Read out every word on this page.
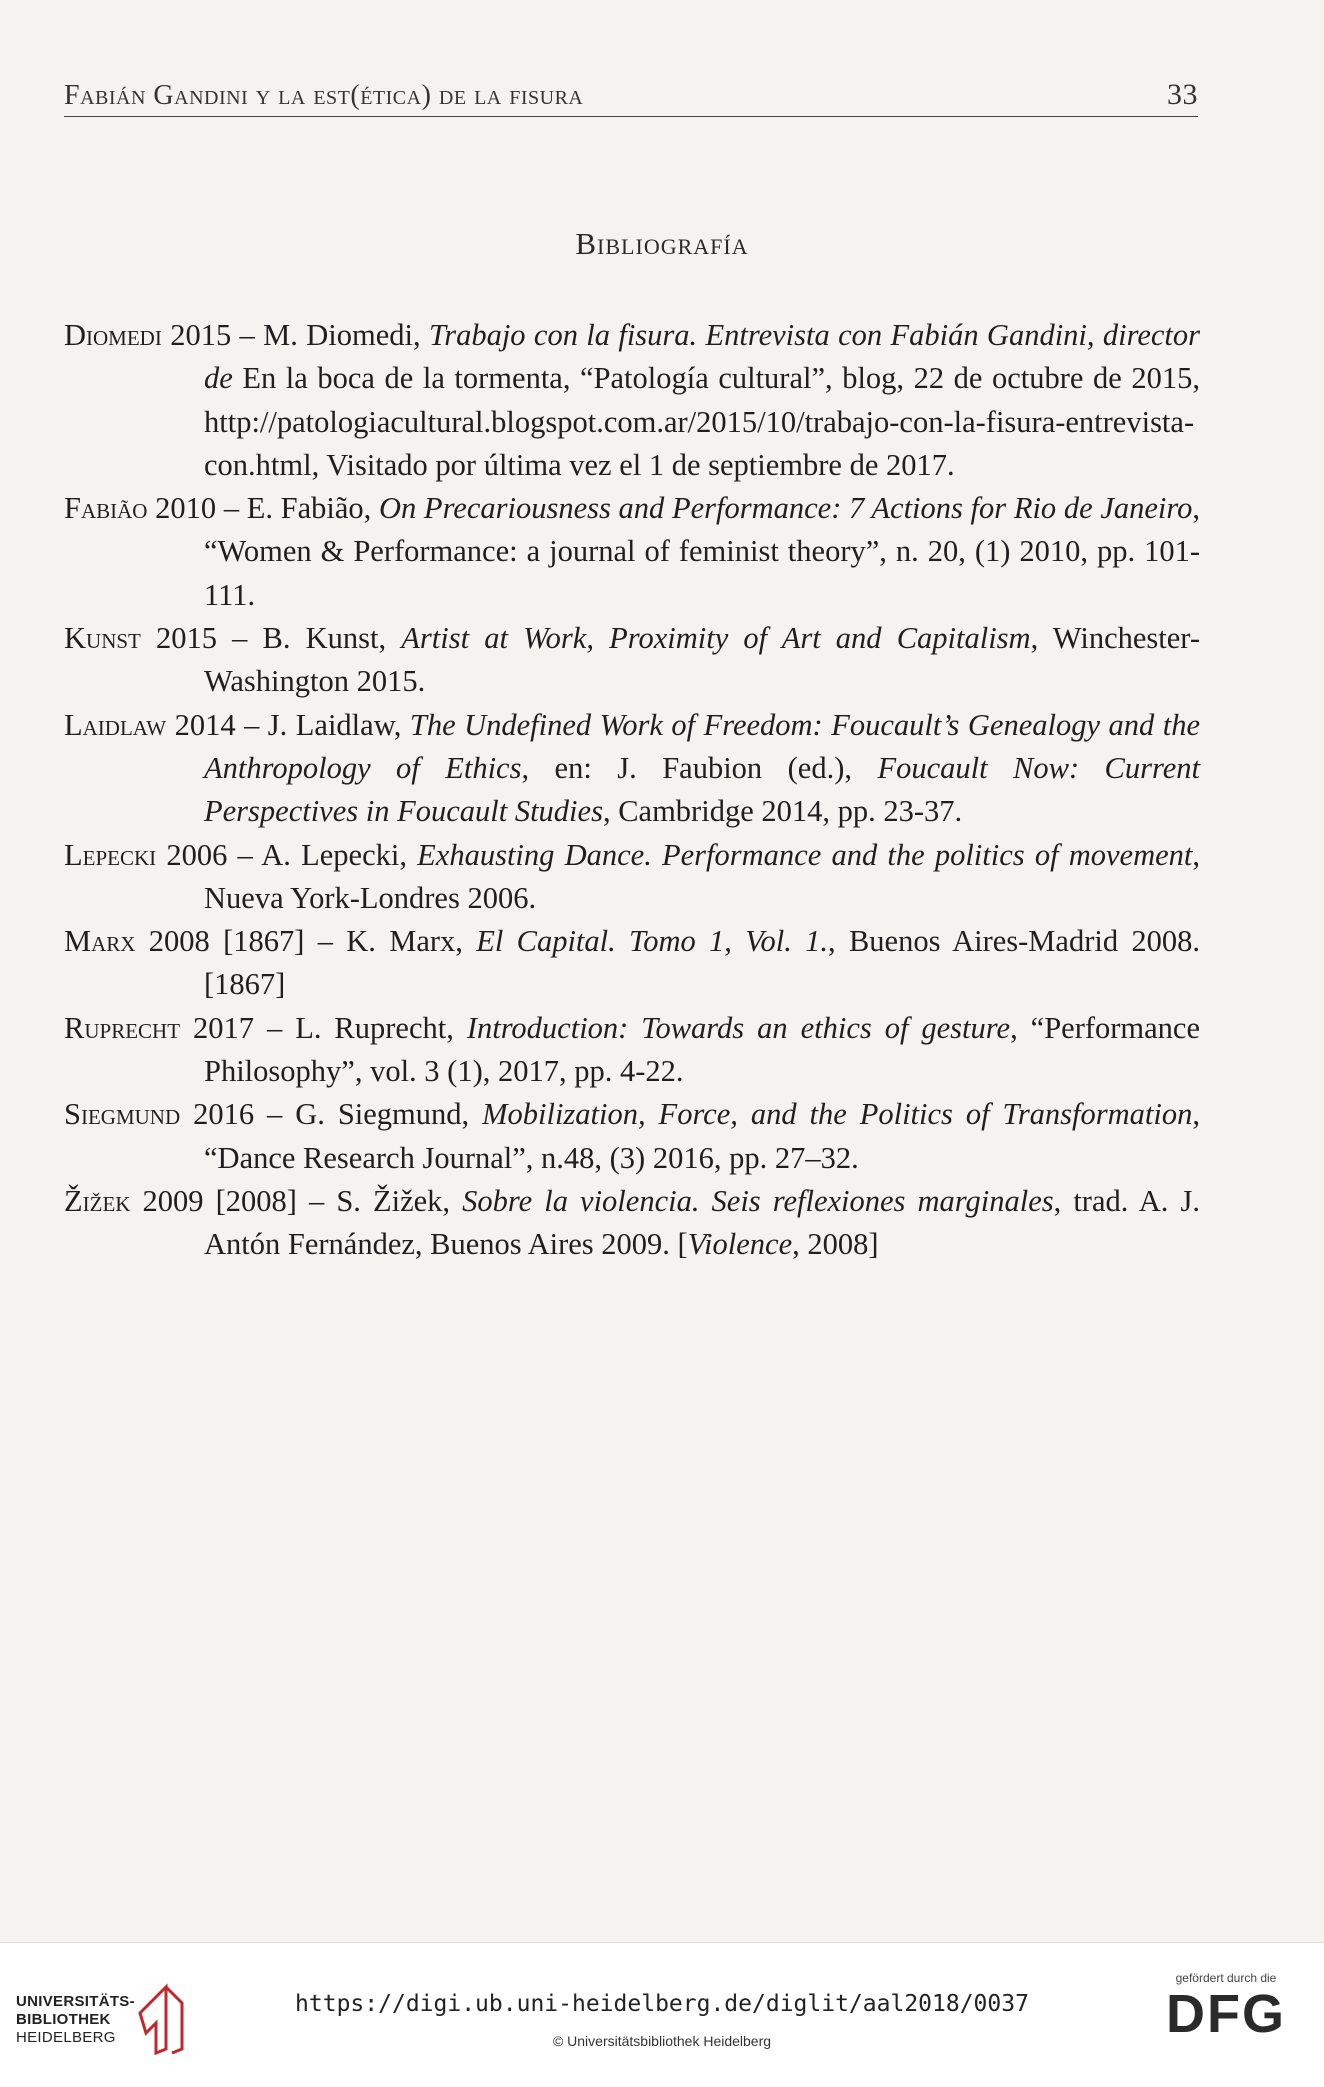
Fabián Gandini y la est(ética) de la fisura	33
Bibliografía
Diomedi 2015 – M. Diomedi, Trabajo con la fisura. Entrevista con Fabián Gandini, director de En la boca de la tormenta, “Patología cultural”, blog, 22 de octubre de 2015, http://patologiacultural.blogspot.com.ar/2015/10/trabajo-con-la-fisura-entrevista-con.html, Visitado por última vez el 1 de septiembre de 2017.
Fabião 2010 – E. Fabião, On Precariousness and Performance: 7 Actions for Rio de Janeiro, “Women & Performance: a journal of feminist theory”, n. 20, (1) 2010, pp. 101-111.
Kunst 2015 – B. Kunst, Artist at Work, Proximity of Art and Capitalism, Winchester-Washington 2015.
Laidlaw 2014 – J. Laidlaw, The Undefined Work of Freedom: Foucault’s Genealogy and the Anthropology of Ethics, en: J. Faubion (ed.), Foucault Now: Current Perspectives in Foucault Studies, Cambridge 2014, pp. 23-37.
Lepecki 2006 – A. Lepecki, Exhausting Dance. Performance and the politics of movement, Nueva York-Londres 2006.
Marx 2008 [1867] – K. Marx, El Capital. Tomo 1, Vol. 1., Buenos Aires-Madrid 2008. [1867]
Ruprecht 2017 – L. Ruprecht, Introduction: Towards an ethics of gesture, “Performance Philosophy”, vol. 3 (1), 2017, pp. 4-22.
Siegmund 2016 – G. Siegmund, Mobilization, Force, and the Politics of Transformation, “Dance Research Journal”, n.48, (3) 2016, pp. 27–32.
Žižek 2009 [2008] – S. Žižek, Sobre la violencia. Seis reflexiones marginales, trad. A. J. Antón Fernández, Buenos Aires 2009. [Violence, 2008]
UNIVERSITÄTS-
BIBLIOTHEK
HEIDELBERG
https://digi.ub.uni-heidelberg.de/diglit/aal2018/0037
© Universitätsbibliothek Heidelberg
gefördert durch die
DFG
